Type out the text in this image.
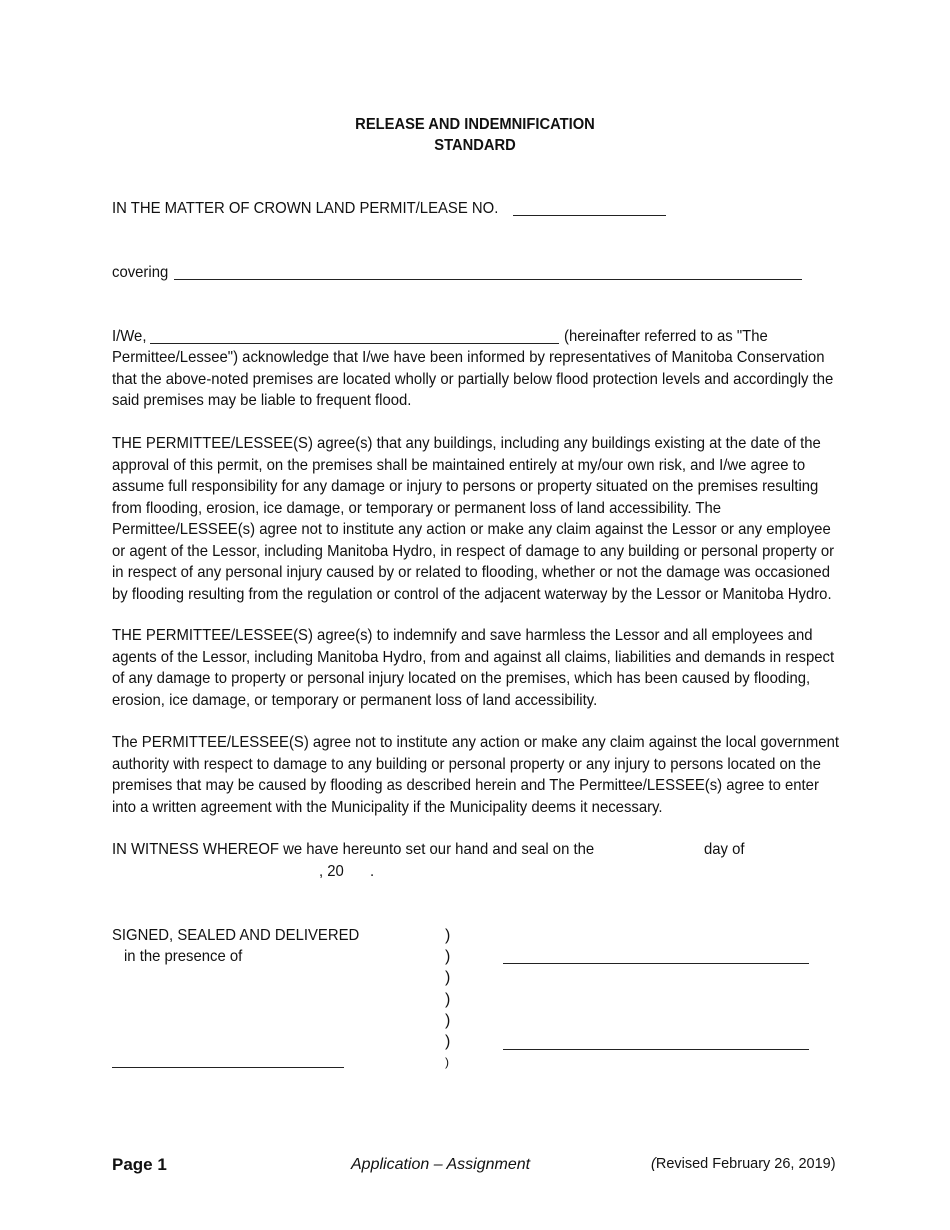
RELEASE AND INDEMNIFICATION
STANDARD
IN THE MATTER OF CROWN LAND PERMIT/LEASE NO.
covering
I/We,	(hereinafter referred to as "The
Permittee/Lessee") acknowledge that I/we have been informed by representatives of Manitoba Conservation
that the above-noted premises are located wholly or partially below flood protection levels and accordingly the
said premises may be liable to frequent flood.
THE PERMITTEE/LESSEE(S) agree(s) that any buildings, including any buildings existing at the date of the
approval of this permit, on the premises shall be maintained entirely at my/our own risk, and I/we agree to
assume full responsibility for any damage or injury to persons or property situated on the premises resulting
from flooding, erosion, ice damage, or temporary or permanent loss of land accessibility. The
Permittee/LESSEE(s) agree not to institute any action or make any claim against the Lessor or any employee
or agent of the Lessor, including Manitoba Hydro, in respect of damage to any building or personal property or
in respect of any personal injury caused by or related to flooding, whether or not the damage was occasioned
by flooding resulting from the regulation or control of the adjacent waterway by the Lessor or Manitoba Hydro.
THE PERMITTEE/LESSEE(S) agree(s) to indemnify and save harmless the Lessor and all employees and
agents of the Lessor, including Manitoba Hydro, from and against all claims, liabilities and demands in respect
of any damage to property or personal injury located on the premises, which has been caused by flooding,
erosion, ice damage, or temporary or permanent loss of land accessibility.
The PERMITTEE/LESSEE(S) agree not to institute any action or make any claim against the local government
authority with respect to damage to any building or personal property or any injury to persons located on the
premises that may be caused by flooding as described herein and The Permittee/LESSEE(s) agree to enter
into a written agreement with the Municipality if the Municipality deems it necessary.
IN WITNESS WHEREOF we have hereunto set our hand and seal on the	day of
, 20 .
SIGNED, SEALED AND DELIVERED
in the presence of
)
)
)
)
)
)
)
Page 1	Application – Assignment	(Revised February 26, 2019)
